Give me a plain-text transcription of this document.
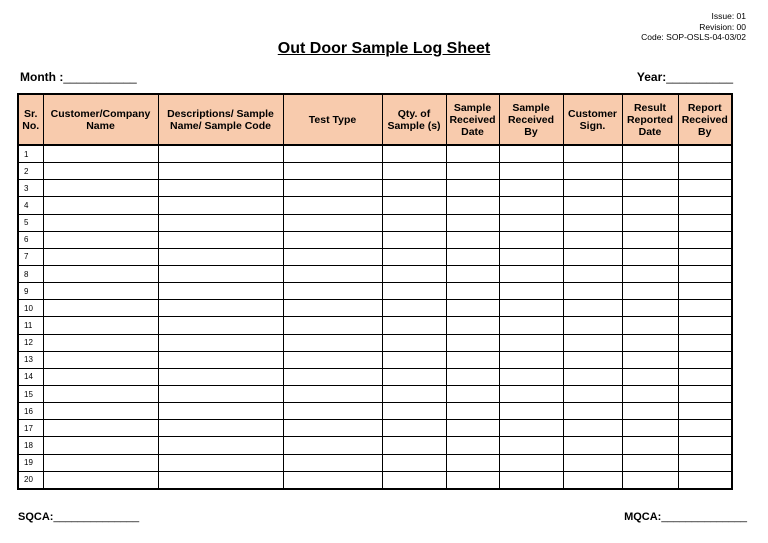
Issue: 01
Revision: 00
Code: SOP-OSLS-04-03/02
Out Door Sample Log Sheet
Month :___________	Year:__________
Sr. No.	Customer/Company Name	Descriptions/ Sample Name/ Sample Code	Test Type	Qty. of Sample (s)	Sample Received Date	Sample Received By	Customer Sign.	Result Reported Date	Report Received By
1									
2									
3									
4									
5									
6									
7									
8									
9									
10									
11									
12									
13									
14									
15									
16									
17									
18									
19									
20									
SQCA:______________	MQCA:______________
